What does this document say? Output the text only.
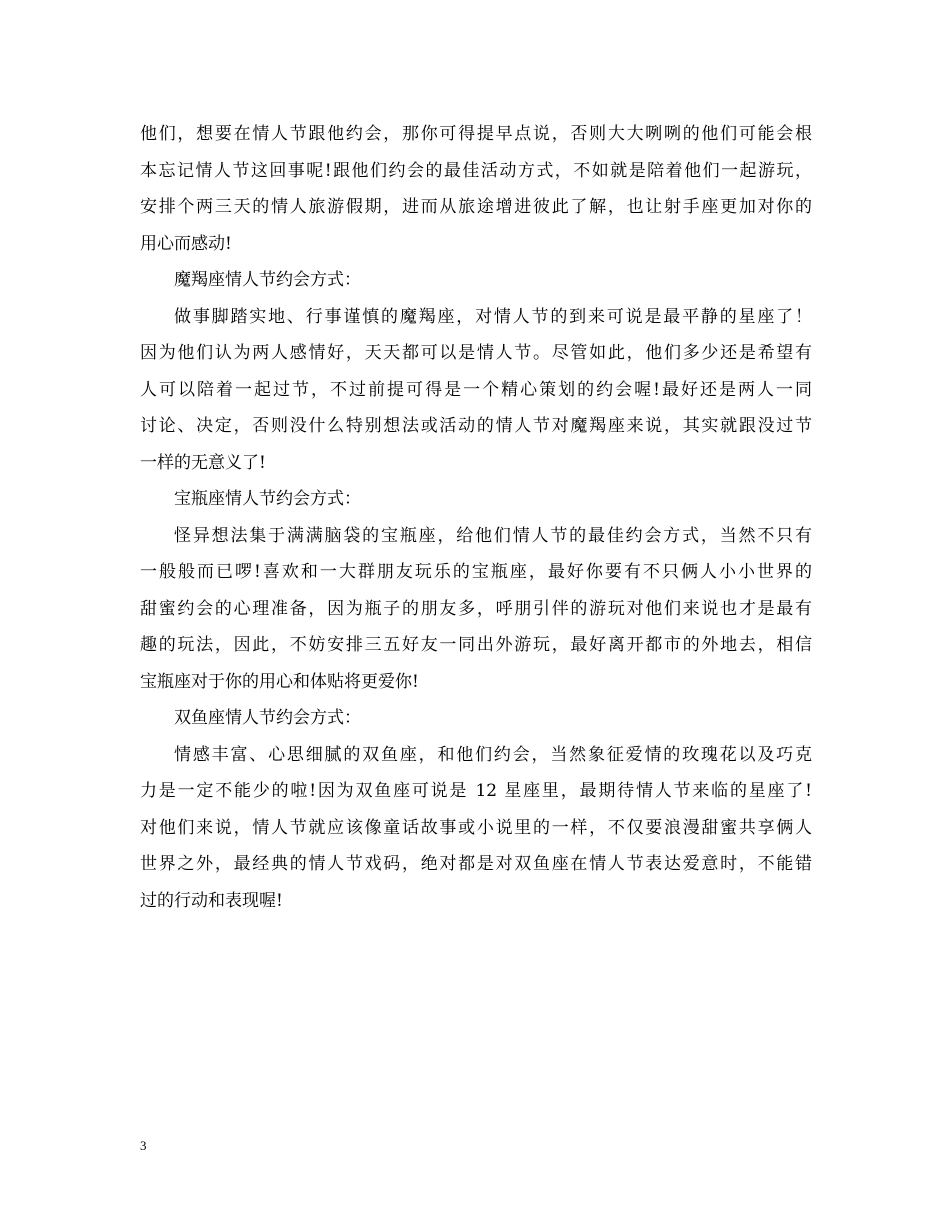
他们，想要在情人节跟他约会，那你可得提早点说，否则大大咧咧的他们可能会根
本忘记情人节这回事呢!跟他们约会的最佳活动方式，不如就是陪着他们一起游玩，
安排个两三天的情人旅游假期，进而从旅途增进彼此了解，也让射手座更加对你的
用心而感动!
魔羯座情人节约会方式：
做事脚踏实地、行事谨慎的魔羯座，对情人节的到来可说是最平静的星座了！
因为他们认为两人感情好，天天都可以是情人节。尽管如此，他们多少还是希望有
人可以陪着一起过节，不过前提可得是一个精心策划的约会喔!最好还是两人一同
讨论、决定，否则没什么特别想法或活动的情人节对魔羯座来说，其实就跟没过节
一样的无意义了!
宝瓶座情人节约会方式：
怪异想法集于满满脑袋的宝瓶座，给他们情人节的最佳约会方式，当然不只有
一般般而已啰!喜欢和一大群朋友玩乐的宝瓶座，最好你要有不只俩人小小世界的
甜蜜约会的心理准备，因为瓶子的朋友多，呼朋引伴的游玩对他们来说也才是最有
趣的玩法，因此，不妨安排三五好友一同出外游玩，最好离开都市的外地去，相信
宝瓶座对于你的用心和体贴将更爱你!
双鱼座情人节约会方式：
情感丰富、心思细腻的双鱼座，和他们约会，当然象征爱情的玫瑰花以及巧克
力是一定不能少的啦!因为双鱼座可说是 12 星座里，最期待情人节来临的星座了!
对他们来说，情人节就应该像童话故事或小说里的一样，不仅要浪漫甜蜜共享俩人
世界之外，最经典的情人节戏码，绝对都是对双鱼座在情人节表达爱意时，不能错
过的行动和表现喔!
3
